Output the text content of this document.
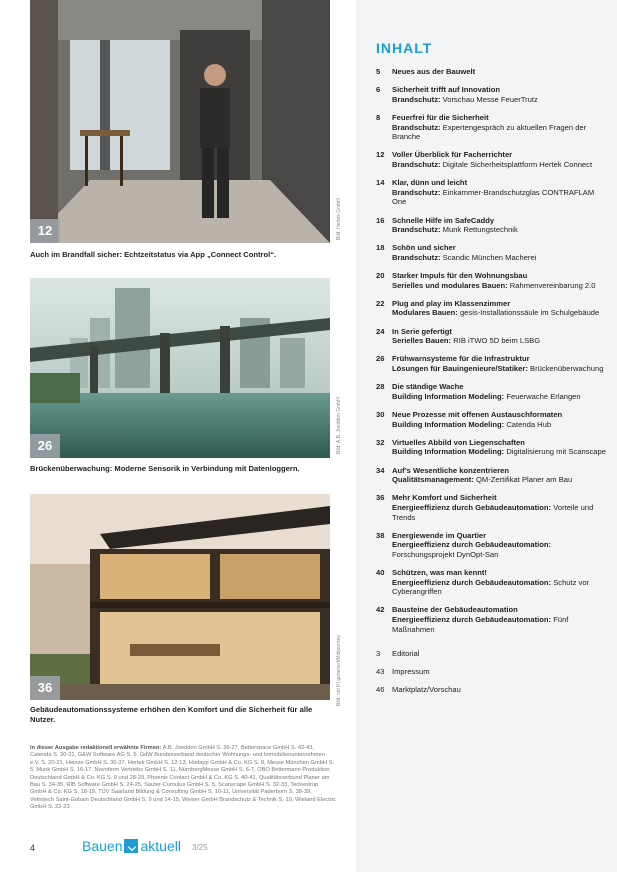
12	Bild: Hertek GmbH
Auch im Brandfall sicher: Echtzeitstatus via App „Connect Control“.
26	Bild: A.B. Joedden GmbH
Brückenüberwachung: Moderne Sensorik in Verbindung mit Datenloggern.
36	Bild: mit KI generiert/Midjourney
Gebäudeautomationssysteme erhöhen den Komfort und die Sicherheit für alle Nutzer.
In dieser Ausgabe redaktionell erwähnte Firmen: A.B. Joedden GmbH S. 26-27, Betterspace GmbH S. 42-43, Catenda S. 30-31, G&W Software AG S. 5, GdW Bundesverband deutscher Wohnungs- und Immobilienunternehmen e.V. S. 20-21, Heinze GmbH S. 36-37, Hertek GmbH S. 12-13, Hodapp GmbH & Co. KG S. 8, Messe München GmbH S. 5, Munk GmbH S. 16-17, Novoferm Vertriebs GmbH S. 11, NürnbergMesse GmbH S. 6-7, OBO Bettermann Produktion Deutschland GmbH & Co. KG S. 9 und 28-29, Phoenix Contact GmbH & Co. KG S. 40-41, Qualitätsverbund Planer am Bau S. 34-35, RIB Software GmbH S. 24-25, Sauter-Cumulus GmbH S. 5, Scanscape GmbH S. 32-33, Teckentrup GmbH & Co. KG S. 18-19, TÜV Saarland Bildung & Consulting GmbH S. 10-11, Universität Paderborn S. 38-39, Vetrotech Saint-Gobain Deutschland GmbH S. 9 und 14-15, Weiser GmbH Brandschutz & Technik S. 10, Wieland Electric GmbH S. 22-23
4	Bauen aktuell 3/25
INHALT
5	Neues aus der Bauwelt
6	Sicherheit trifft auf Innovation
Brandschutz: Vorschau Messe FeuerTrutz
8	Feuerfrei für die Sicherheit
Brandschutz: Expertengespräch zu aktuellen Fragen der Branche
12 Voller Überblick für Facherrichter
Brandschutz: Digitale Sicherheitsplattform Hertek Connect
14 Klar, dünn und leicht
Brandschutz: Einkammer-Brandschutzglas CONTRAFLAM One
16 Schnelle Hilfe im SafeCaddy
Brandschutz: Munk Rettungstechnik
18 Schön und sicher
Brandschutz: Scandic München Macherei
20 Starker Impuls für den Wohnungsbau
Serielles und modulares Bauen: Rahmenvereinbarung 2.0
22 Plug and play im Klassenzimmer
Modulares Bauen: gesis-Installationssäule im Schulgebäude
24 In Serie gefertigt
Serielles Bauen: RIB iTWO 5D beim LSBG
26 Frühwarnsysteme für die Infrastruktur
Lösungen für Bauingenieure/Statiker: Brückenüberwachung
28 Die ständige Wache
Building Information Modeling: Feuerwache Erlangen
30 Neue Prozesse mit offenen Austauschformaten
Building Information Modeling: Catenda Hub
32 Virtuelles Abbild von Liegenschaften
Building Information Modeling: Digitalisierung mit Scanscape
34 Auf’s Wesentliche konzentrieren
Qualitätsmanagement: QM-Zertifikat Planer am Bau
36 Mehr Komfort und Sicherheit
Energieeffizienz durch Gebäudeautomation: Vorteile und Trends
38 Energiewende im Quartier
Energieeffizienz durch Gebäudeautomation: Forschungsprojekt DynOpt-San
40 Schützen, was man kennt!
Energieeffizienz durch Gebäudeautomation: Schutz vor Cyberangriffen
42 Bausteine der Gebäudeautomation
Energieeffizienz durch Gebäudeautomation: Fünf Maßnahmen
3	Editorial
43 Impressum
46 Marktplatz/Vorschau
